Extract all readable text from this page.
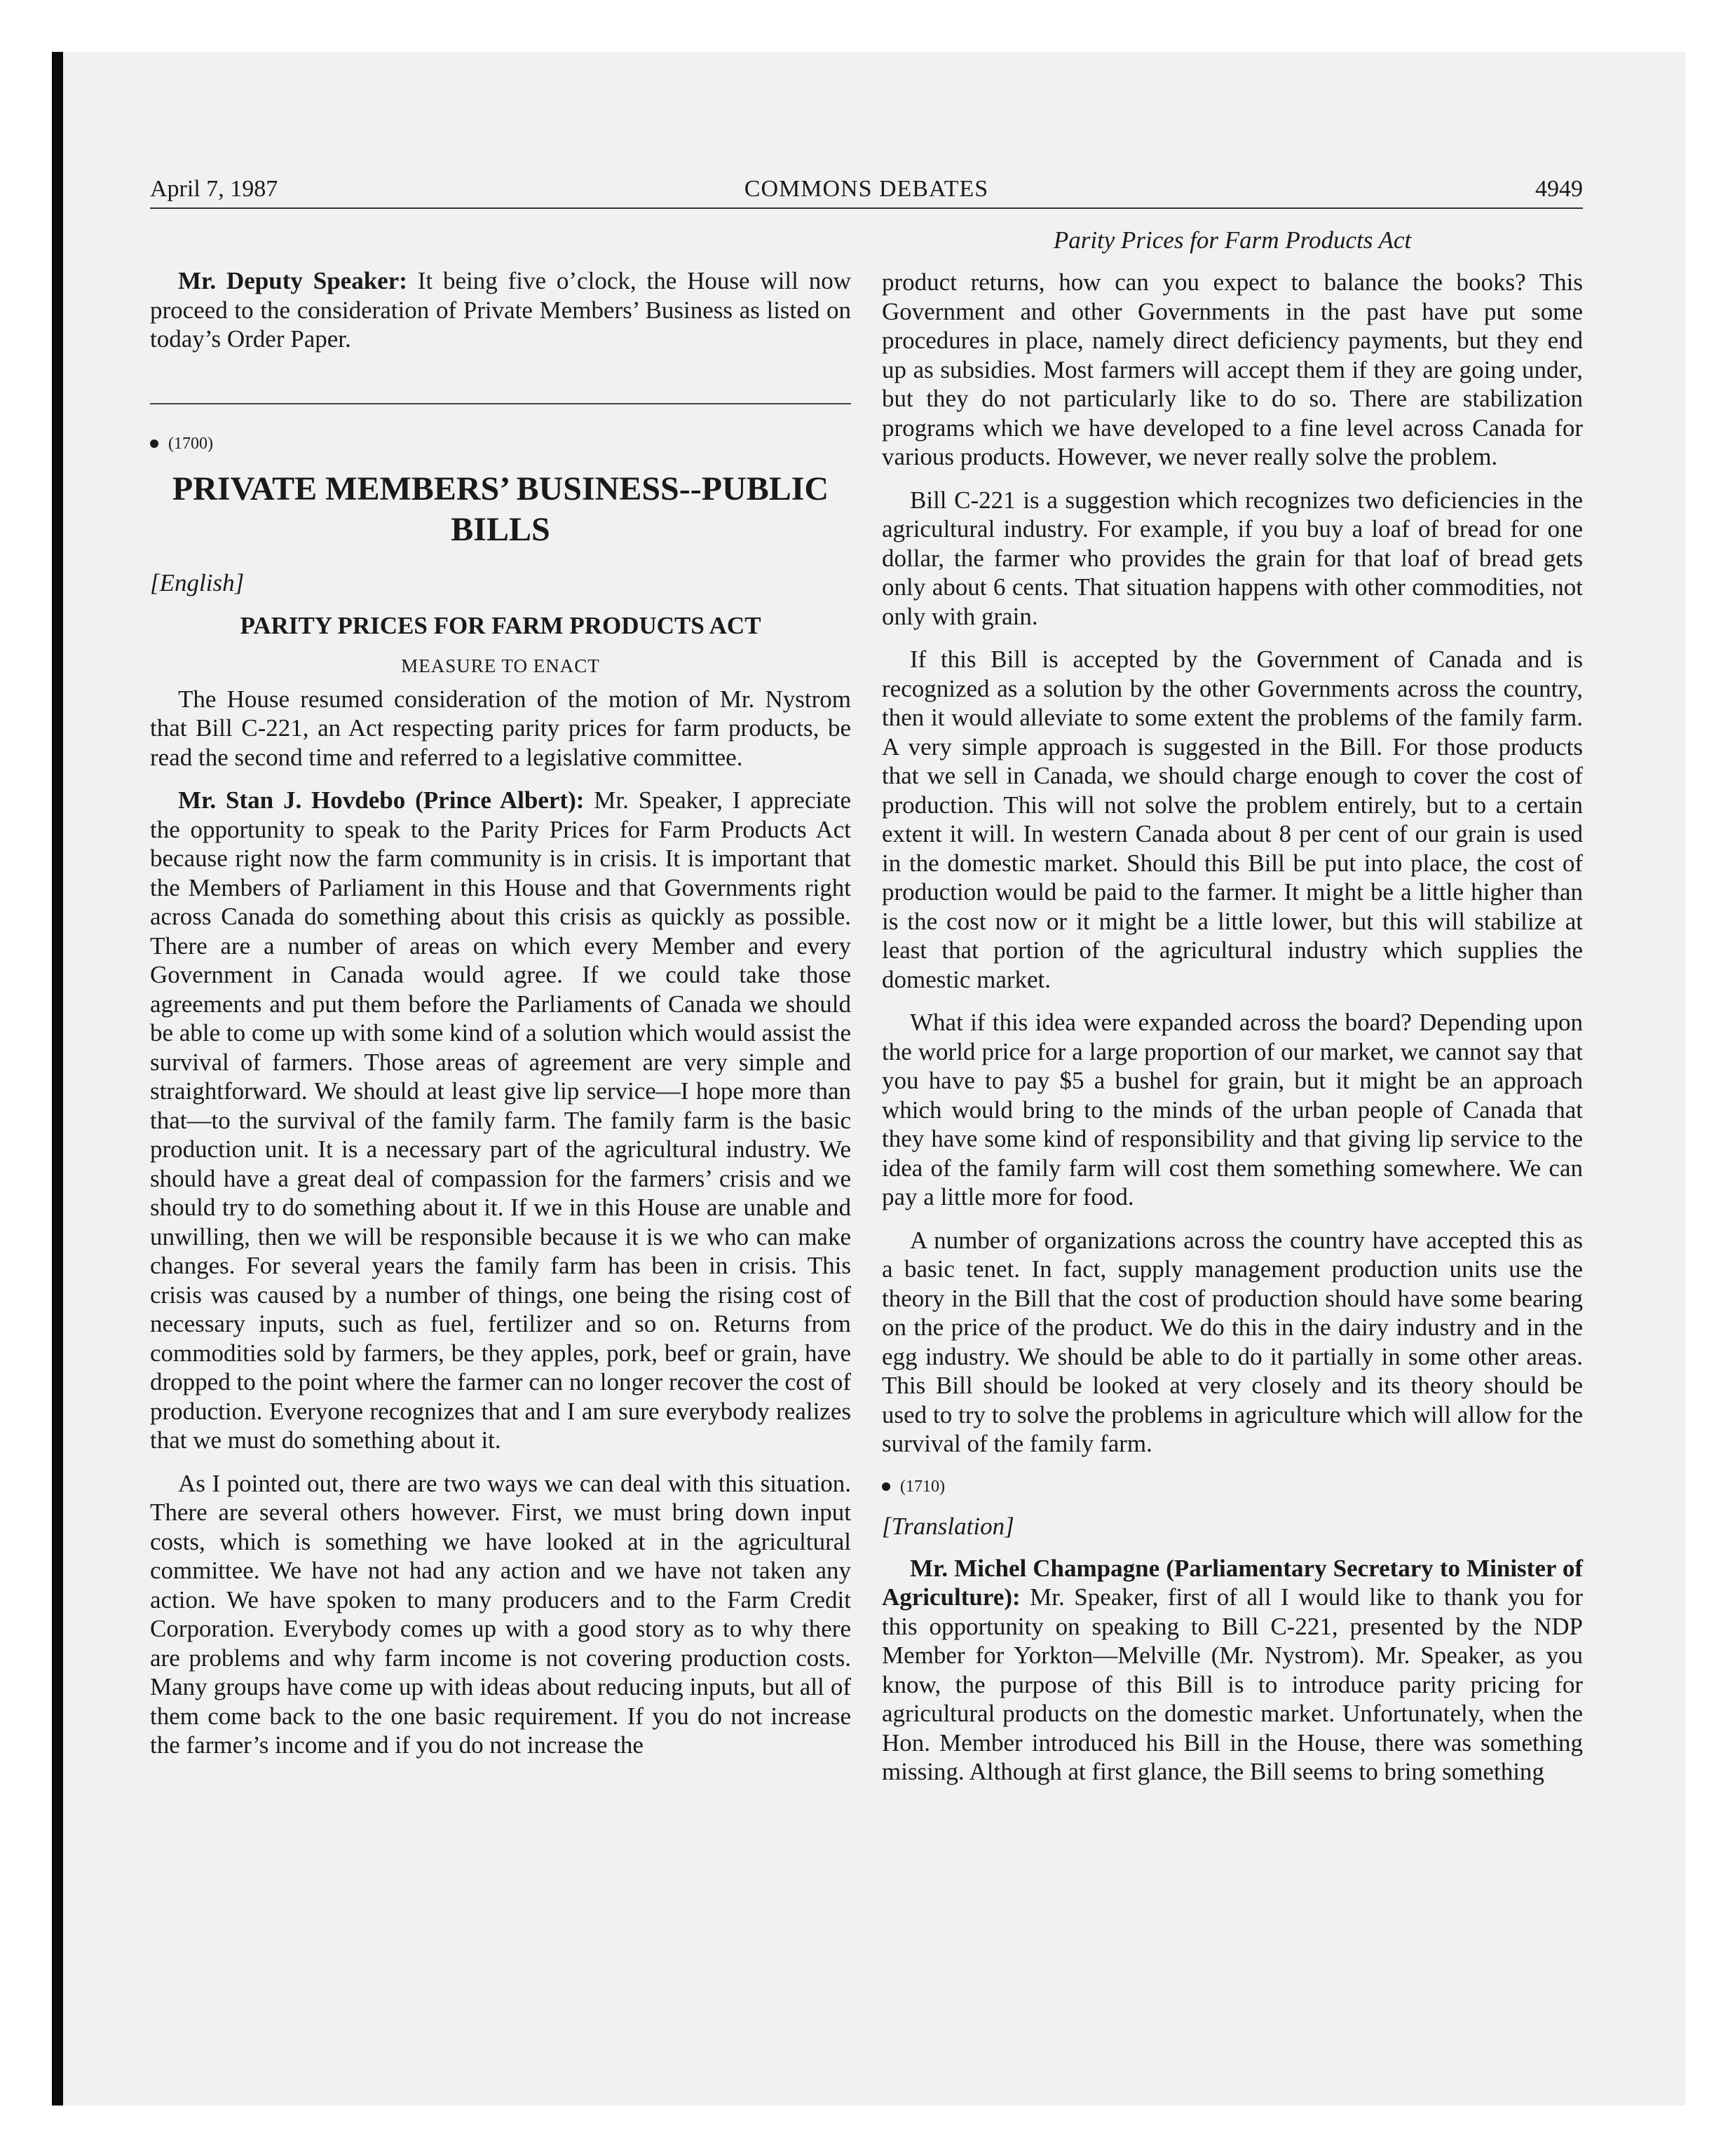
April 7, 1987	COMMONS DEBATES	4949

Mr. Deputy Speaker: It being five o’clock, the House will now proceed to the consideration of Private Members’ Business as listed on today’s Order Paper.

(1700)
PRIVATE MEMBERS’ BUSINESS--PUBLIC BILLS
[English]
PARITY PRICES FOR FARM PRODUCTS ACT
MEASURE TO ENACT

The House resumed consideration of the motion of Mr. Nystrom that Bill C-221, an Act respecting parity prices for farm products, be read the second time and referred to a legislative committee.

Mr. Stan J. Hovdebo (Prince Albert): Mr. Speaker, I appreciate the opportunity to speak to the Parity Prices for Farm Products Act because right now the farm community is in crisis. It is important that the Members of Parliament in this House and that Governments right across Canada do something about this crisis as quickly as possible. There are a number of areas on which every Member and every Government in Canada would agree. If we could take those agreements and put them before the Parliaments of Canada we should be able to come up with some kind of a solution which would assist the survival of farmers. Those areas of agreement are very simple and straightforward. We should at least give lip service—I hope more than that—to the survival of the family farm. The family farm is the basic production unit. It is a necessary part of the agricultural industry. We should have a great deal of compassion for the farmers’ crisis and we should try to do something about it. If we in this House are unable and unwilling, then we will be responsible because it is we who can make changes. For several years the family farm has been in crisis. This crisis was caused by a number of things, one being the rising cost of necessary inputs, such as fuel, fertilizer and so on. Returns from commodities sold by farmers, be they apples, pork, beef or grain, have dropped to the point where the farmer can no longer recover the cost of production. Everyone recognizes that and I am sure everybody realizes that we must do something about it.

As I pointed out, there are two ways we can deal with this situation. There are several others however. First, we must bring down input costs, which is something we have looked at in the agricultural committee. We have not had any action and we have not taken any action. We have spoken to many producers and to the Farm Credit Corporation. Everybody comes up with a good story as to why there are problems and why farm income is not covering production costs. Many groups have come up with ideas about reducing inputs, but all of them come back to the one basic requirement. If you do not increase the farmer’s income and if you do not increase the

Parity Prices for Farm Products Act

product returns, how can you expect to balance the books? This Government and other Governments in the past have put some procedures in place, namely direct deficiency payments, but they end up as subsidies. Most farmers will accept them if they are going under, but they do not particularly like to do so. There are stabilization programs which we have developed to a fine level across Canada for various products. However, we never really solve the problem.

Bill C-221 is a suggestion which recognizes two deficiencies in the agricultural industry. For example, if you buy a loaf of bread for one dollar, the farmer who provides the grain for that loaf of bread gets only about 6 cents. That situation happens with other commodities, not only with grain.

If this Bill is accepted by the Government of Canada and is recognized as a solution by the other Governments across the country, then it would alleviate to some extent the problems of the family farm. A very simple approach is suggested in the Bill. For those products that we sell in Canada, we should charge enough to cover the cost of production. This will not solve the problem entirely, but to a certain extent it will. In western Canada about 8 per cent of our grain is used in the domestic market. Should this Bill be put into place, the cost of production would be paid to the farmer. It might be a little higher than is the cost now or it might be a little lower, but this will stabilize at least that portion of the agricultural industry which supplies the domestic market.

What if this idea were expanded across the board? Depending upon the world price for a large proportion of our market, we cannot say that you have to pay $5 a bushel for grain, but it might be an approach which would bring to the minds of the urban people of Canada that they have some kind of responsibility and that giving lip service to the idea of the family farm will cost them something somewhere. We can pay a little more for food.

A number of organizations across the country have accepted this as a basic tenet. In fact, supply management production units use the theory in the Bill that the cost of production should have some bearing on the price of the product. We do this in the dairy industry and in the egg industry. We should be able to do it partially in some other areas. This Bill should be looked at very closely and its theory should be used to try to solve the problems in agriculture which will allow for the survival of the family farm.

(1710)
[Translation]

Mr. Michel Champagne (Parliamentary Secretary to Minister of Agriculture): Mr. Speaker, first of all I would like to thank you for this opportunity on speaking to Bill C-221, presented by the NDP Member for Yorkton—Melville (Mr. Nystrom). Mr. Speaker, as you know, the purpose of this Bill is to introduce parity pricing for agricultural products on the domestic market. Unfortunately, when the Hon. Member introduced his Bill in the House, there was something missing. Although at first glance, the Bill seems to bring something
